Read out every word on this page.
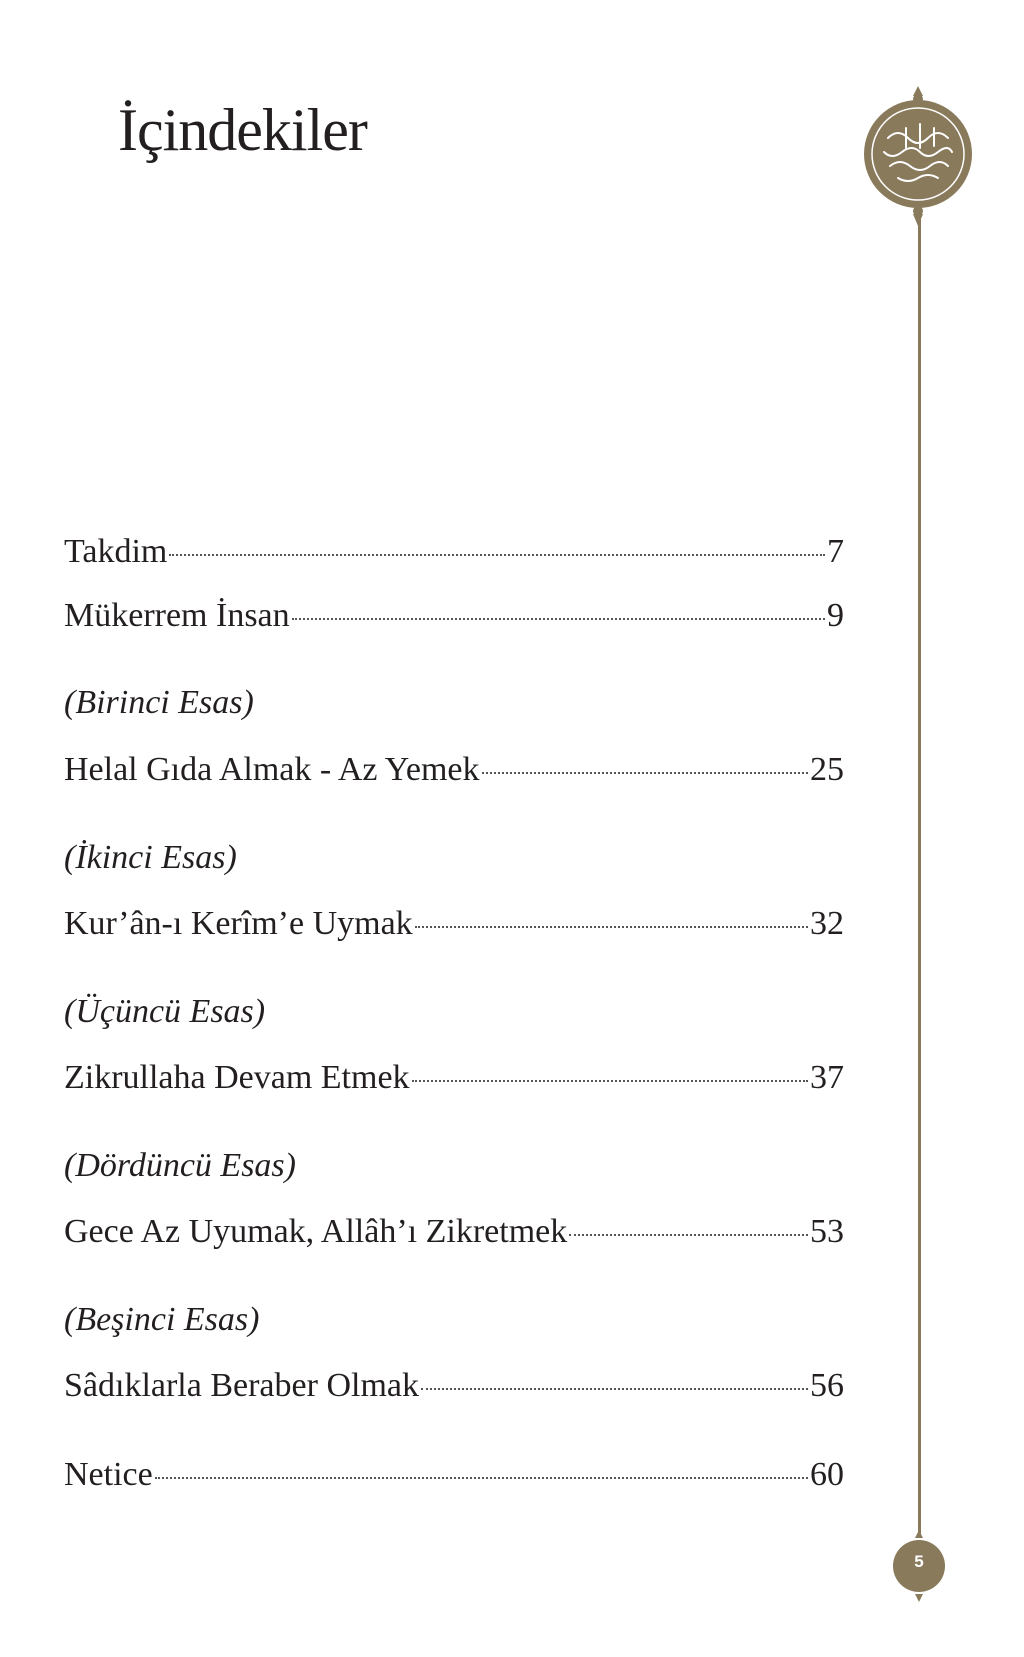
İçindekiler
5
Takdim	7
Mükerrem İnsan	9
(Birinci Esas)
Helal Gıda Almak - Az Yemek	25
(İkinci Esas)
Kur’ân-ı Kerîm’e Uymak	32
(Üçüncü Esas)
Zikrullaha Devam Etmek	37
(Dördüncü Esas)
Gece Az Uyumak, Allâh’ı Zikretmek	53
(Beşinci Esas)
Sâdıklarla Beraber Olmak	56
Netice	60
